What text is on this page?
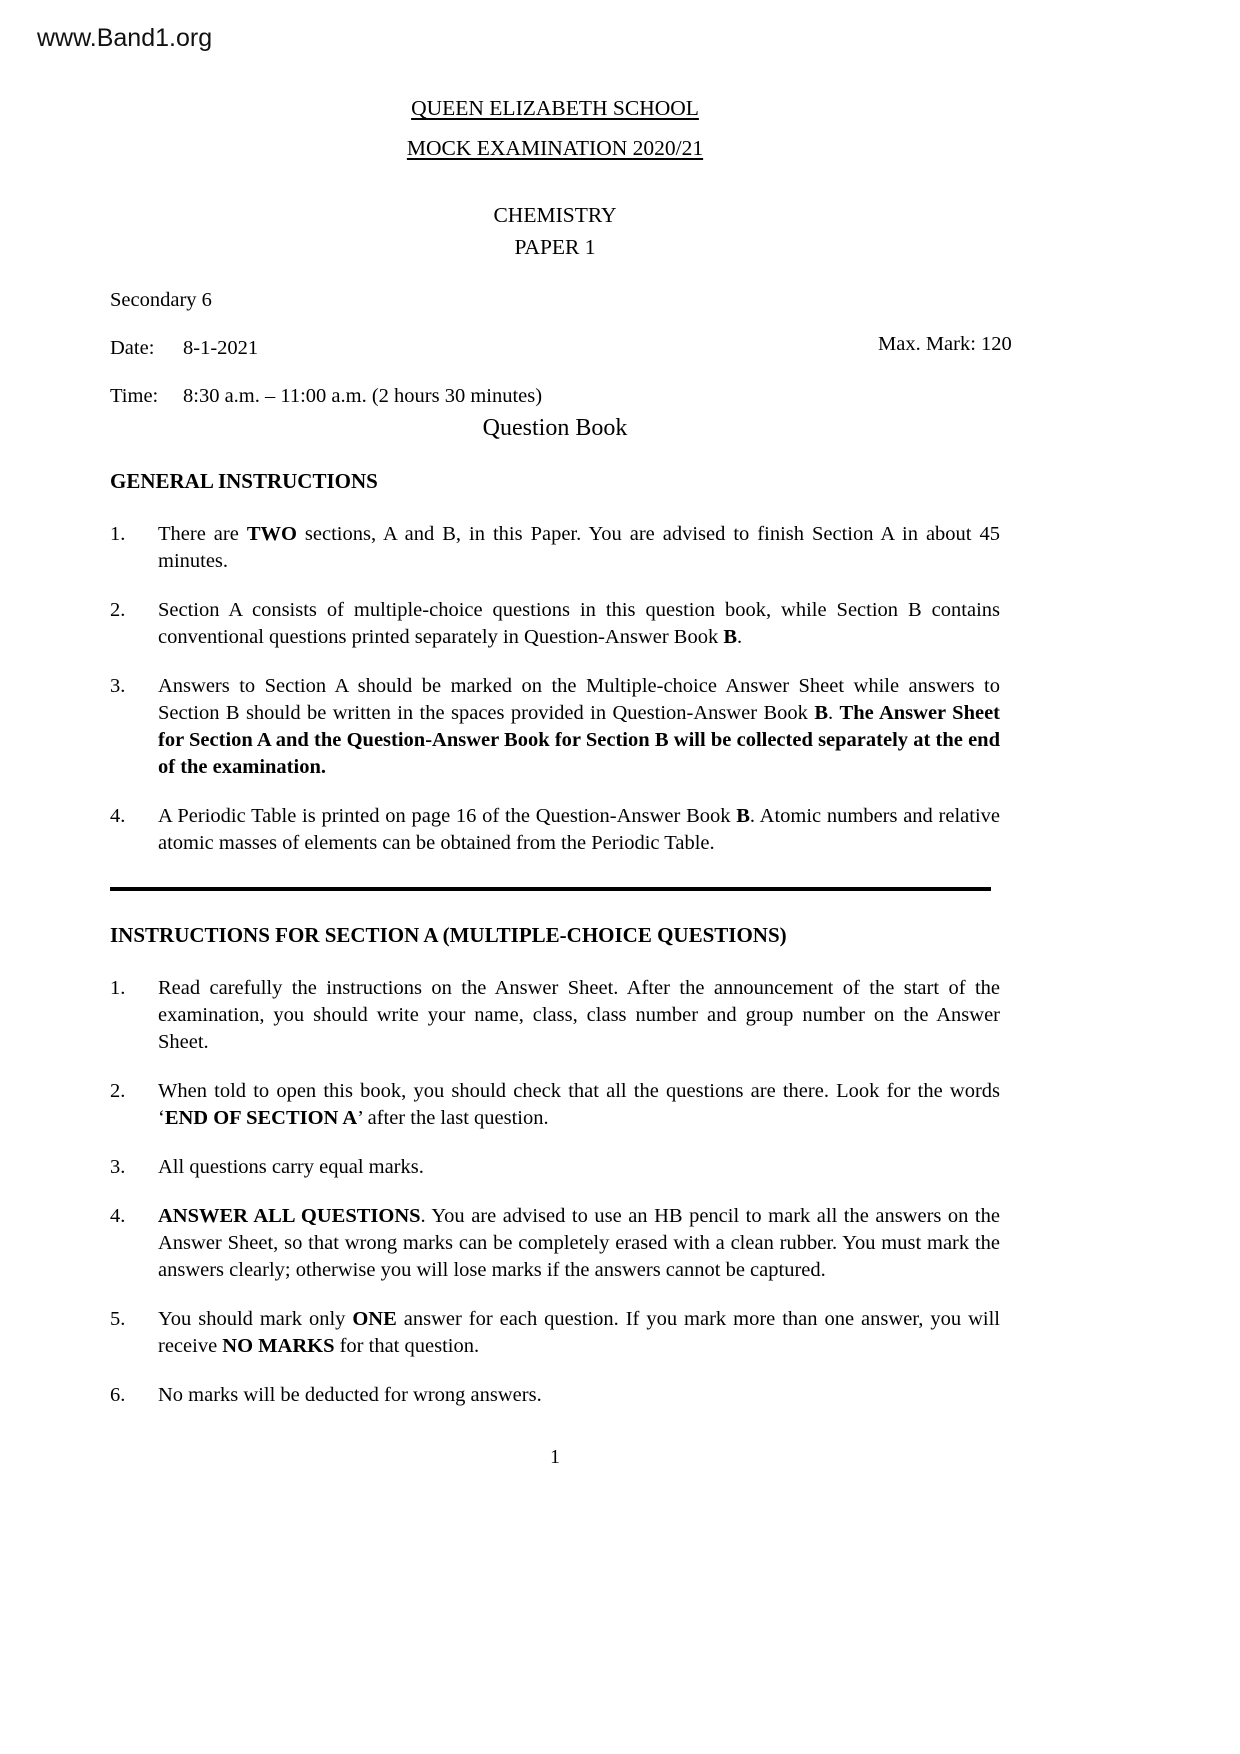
www.Band1.org
QUEEN ELIZABETH SCHOOL
MOCK EXAMINATION 2020/21
CHEMISTRY
PAPER 1
Secondary 6
Date: 8-1-2021	Max. Mark: 120
Time: 8:30 a.m. – 11:00 a.m. (2 hours 30 minutes)
Question Book
GENERAL INSTRUCTIONS
1.	There are TWO sections, A and B, in this Paper. You are advised to finish Section A in about 45 minutes.
2.	Section A consists of multiple-choice questions in this question book, while Section B contains conventional questions printed separately in Question-Answer Book B.
3.	Answers to Section A should be marked on the Multiple-choice Answer Sheet while answers to Section B should be written in the spaces provided in Question-Answer Book B. The Answer Sheet for Section A and the Question-Answer Book for Section B will be collected separately at the end of the examination.
4.	A Periodic Table is printed on page 16 of the Question-Answer Book B. Atomic numbers and relative atomic masses of elements can be obtained from the Periodic Table.
INSTRUCTIONS FOR SECTION A (MULTIPLE-CHOICE QUESTIONS)
1.	Read carefully the instructions on the Answer Sheet. After the announcement of the start of the examination, you should write your name, class, class number and group number on the Answer Sheet.
2.	When told to open this book, you should check that all the questions are there. Look for the words ‘END OF SECTION A’ after the last question.
3.	All questions carry equal marks.
4.	ANSWER ALL QUESTIONS. You are advised to use an HB pencil to mark all the answers on the Answer Sheet, so that wrong marks can be completely erased with a clean rubber. You must mark the answers clearly; otherwise you will lose marks if the answers cannot be captured.
5.	You should mark only ONE answer for each question. If you mark more than one answer, you will receive NO MARKS for that question.
6.	No marks will be deducted for wrong answers.
1
